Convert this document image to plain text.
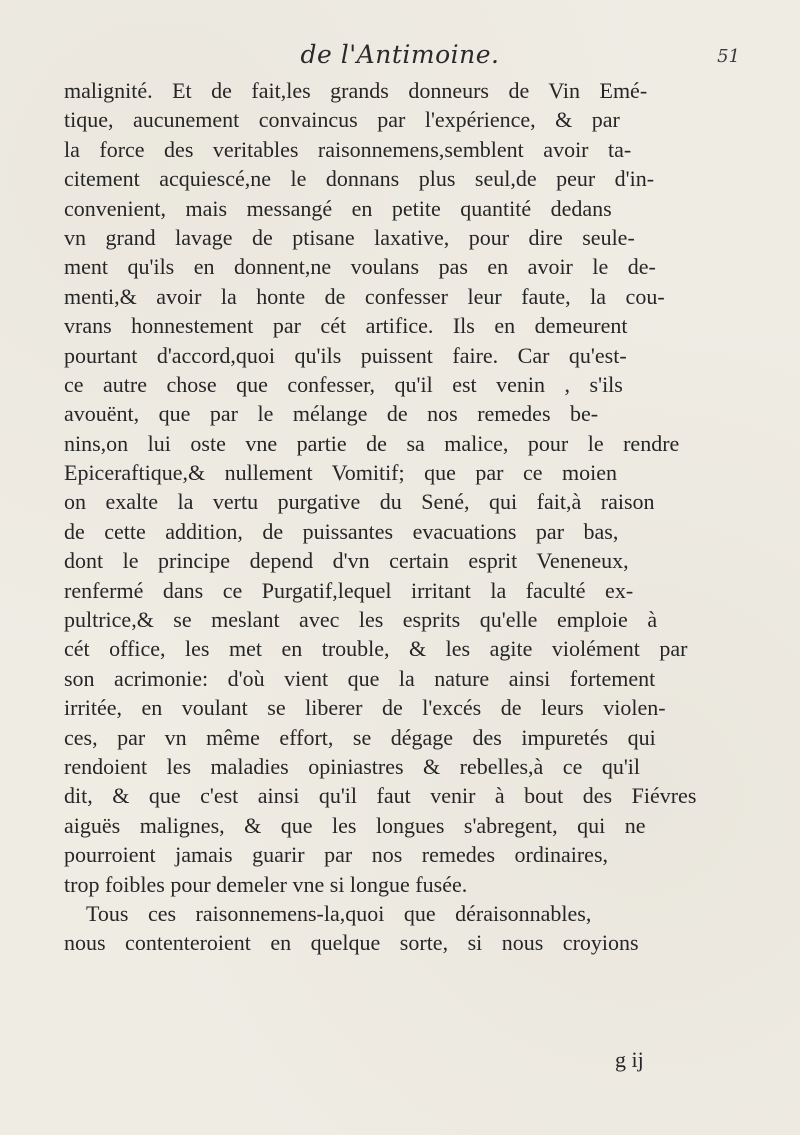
de l'Antimoine.	51
malignité. Et de fait,les grands donneurs de Vin Emé-
tique, aucunement convaincus par l'expérience, & par
la force des veritables raisonnemens,semblent avoir ta-
citement acquiescé,ne le donnans plus seul,de peur d'in-
convenient, mais messangé en petite quantité dedans
vn grand lavage de ptisane laxative, pour dire seule-
ment qu'ils en donnent,ne voulans pas en avoir le de-
menti,& avoir la honte de confesser leur faute, la cou-
vrans honnestement par cét artifice. Ils en demeurent
pourtant d'accord,quoi qu'ils puissent faire. Car qu'est-
ce autre chose que confesser, qu'il est venin , s'ils
avouënt, que par le mélange de nos remedes be-
nins,on lui oste vne partie de sa malice, pour le rendre
Epiceraftique,& nullement Vomitif; que par ce moien
on exalte la vertu purgative du Sené, qui fait,à raison
de cette addition, de puissantes evacuations par bas,
dont le principe depend d'vn certain esprit Veneneux,
renfermé dans ce Purgatif,lequel irritant la faculté ex-
pultrice,& se meslant avec les esprits qu'elle emploie à
cét office, les met en trouble, & les agite violément par
son acrimonie: d'où vient que la nature ainsi fortement
irritée, en voulant se liberer de l'excés de leurs violen-
ces, par vn même effort, se dégage des impuretés qui
rendoient les maladies opiniastres & rebelles,à ce qu'il
dit, & que c'est ainsi qu'il faut venir à bout des Fiévres
aiguës malignes, & que les longues s'abregent, qui ne
pourroient jamais guarir par nos remedes ordinaires,
trop foibles pour demeler vne si longue fusée.
Tous ces raisonnemens-la,quoi que déraisonnables,
nous contenteroient en quelque sorte, si nous croyions
g ij
